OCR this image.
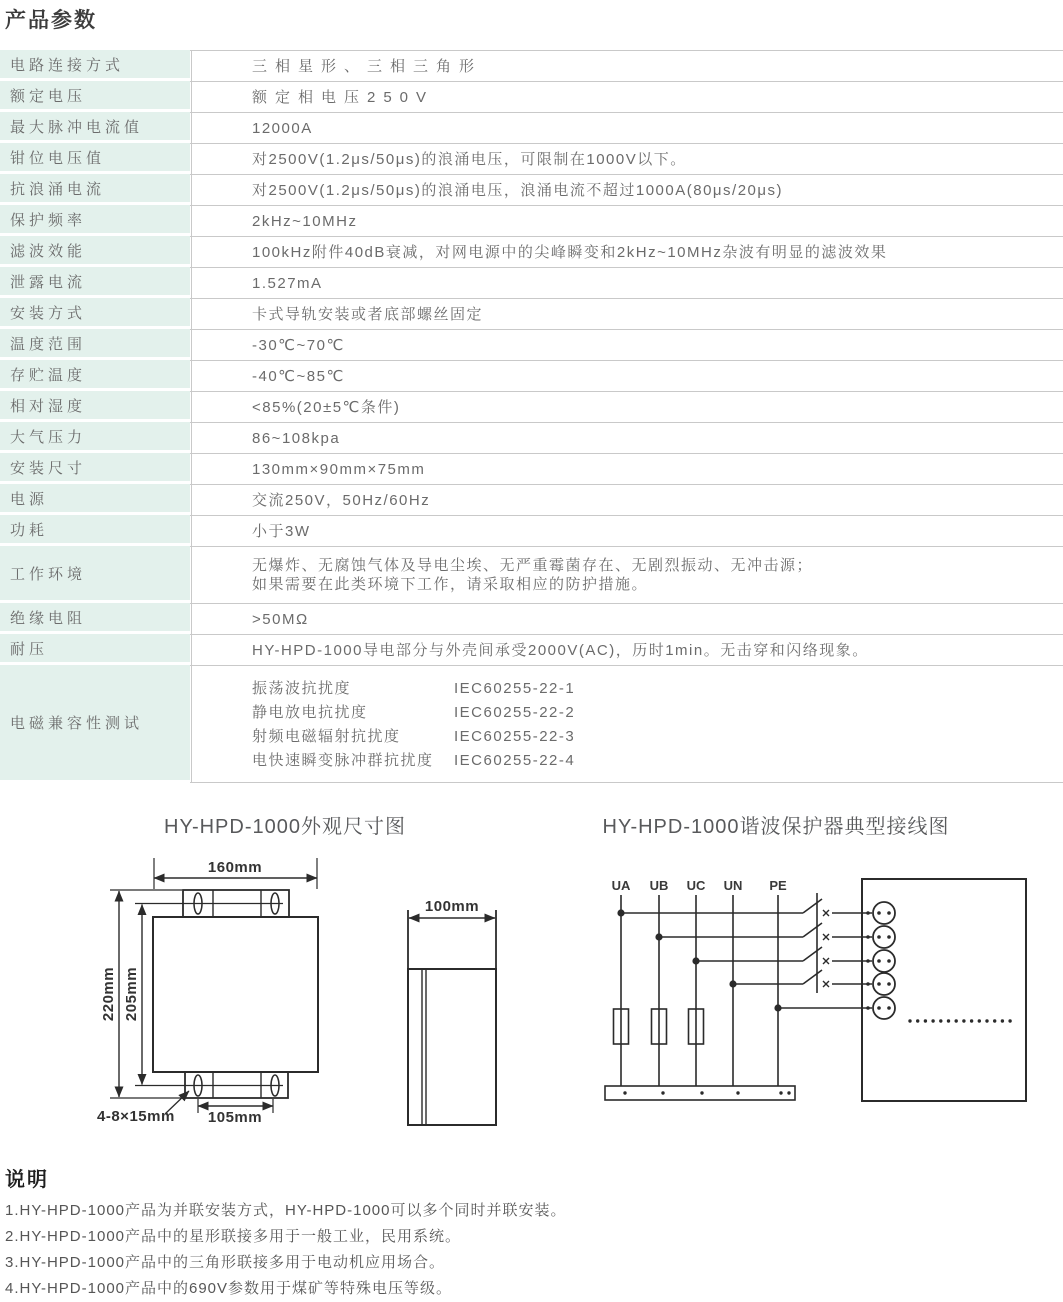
产品参数
电路连接方式	三相星形、三相三角形
额定电压	额定相电压250V
最大脉冲电流值	12000A
钳位电压值	对2500V(1.2μs/50μs)的浪涌电压，可限制在1000V以下。
抗浪涌电流	对2500V(1.2μs/50μs)的浪涌电压，浪涌电流不超过1000A(80μs/20μs)
保护频率	2kHz~10MHz
滤波效能	100kHz附件40dB衰减，对网电源中的尖峰瞬变和2kHz~10MHz杂波有明显的滤波效果
泄露电流	1.527mA
安装方式	卡式导轨安装或者底部螺丝固定
温度范围	-30℃~70℃
存贮温度	-40℃~85℃
相对湿度	<85%(20±5℃条件)
大气压力	86~108kpa
安装尺寸	130mm×90mm×75mm
电源	交流250V，50Hz/60Hz
功耗	小于3W
工作环境	无爆炸、无腐蚀气体及导电尘埃、无严重霉菌存在、无剧烈振动、无冲击源；
如果需要在此类环境下工作，请采取相应的防护措施。
绝缘电阻	>50MΩ
耐压	HY-HPD-1000导电部分与外壳间承受2000V(AC)，历时1min。无击穿和闪络现象。
电磁兼容性测试
振荡波抗扰度	IEC60255-22-1
静电放电抗扰度	IEC60255-22-2
射频电磁辐射抗扰度	IEC60255-22-3
电快速瞬变脉冲群抗扰度	IEC60255-22-4
HY-HPD-1000外观尺寸图	HY-HPD-1000谐波保护器典型接线图
160mm
220mm 205mm
105mm
4-8×15mm
100mm
UA UB UC UN PE
说明
1.HY-HPD-1000产品为并联安装方式，HY-HPD-1000可以多个同时并联安装。
2.HY-HPD-1000产品中的星形联接多用于一般工业，民用系统。
3.HY-HPD-1000产品中的三角形联接多用于电动机应用场合。
4.HY-HPD-1000产品中的690V参数用于煤矿等特殊电压等级。
